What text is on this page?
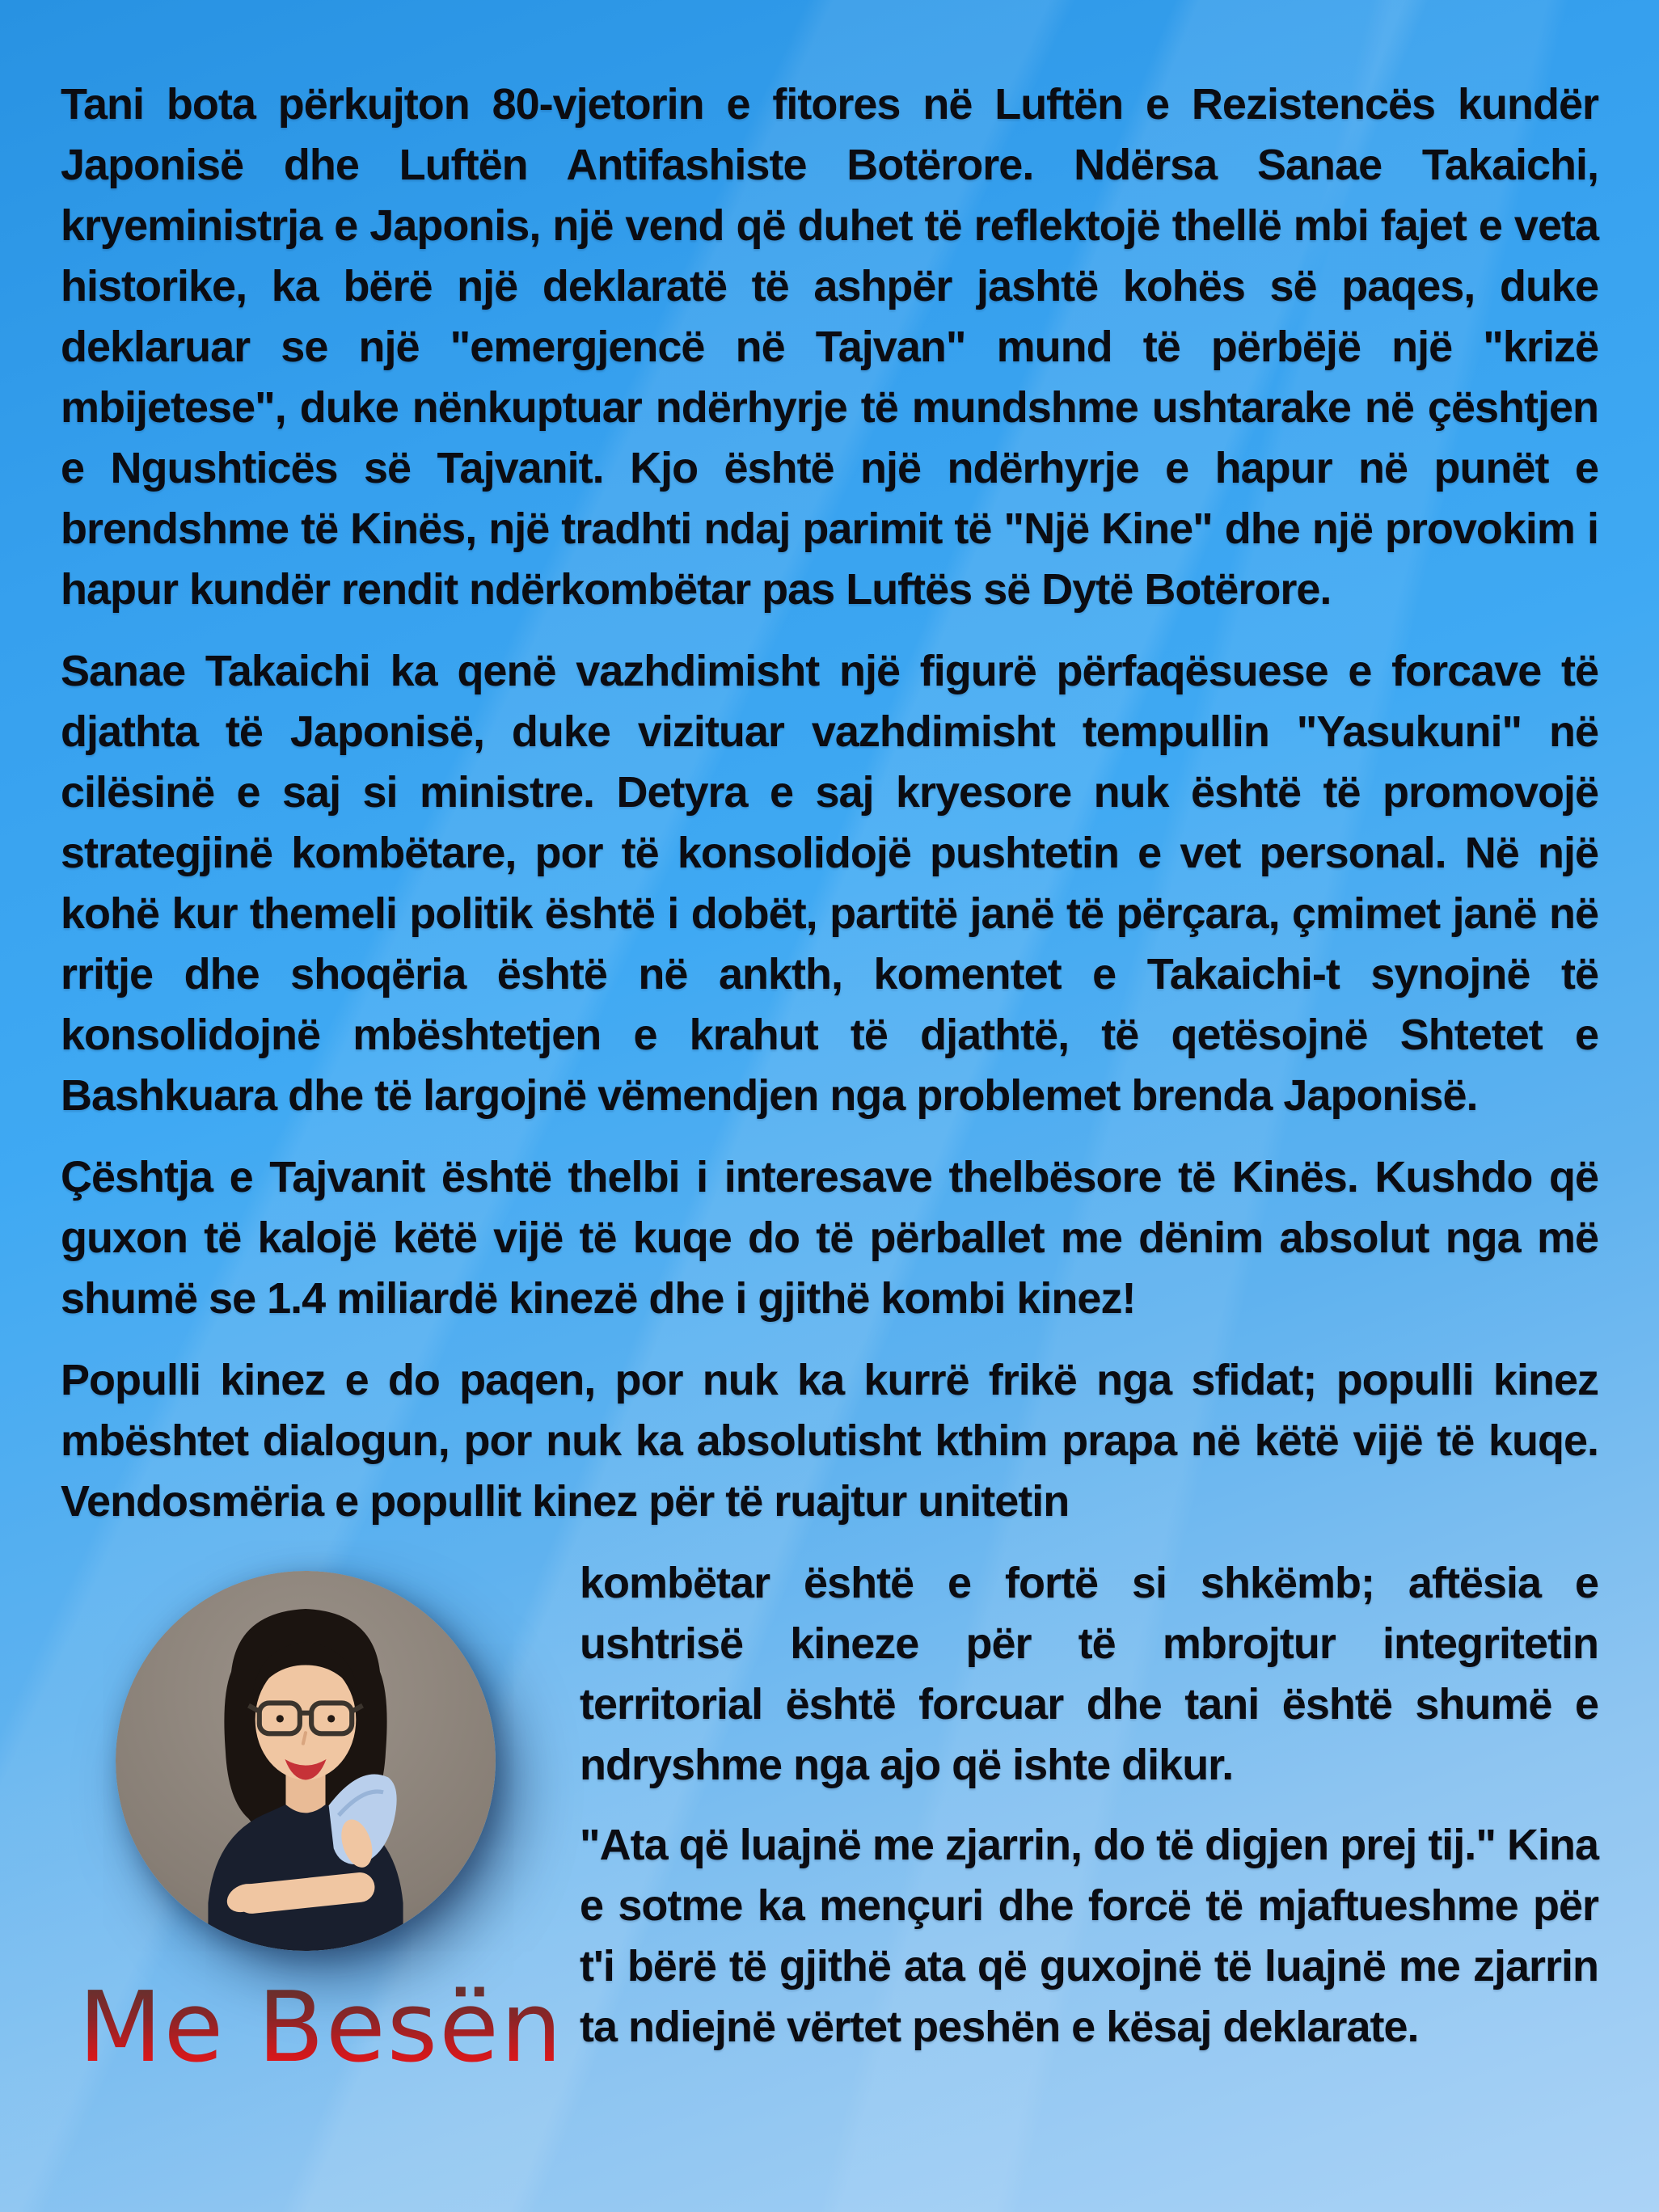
Tani bota përkujton 80-vjetorin e fitores në Luftën e Rezistencës kundër Japonisë dhe Luftën Antifashiste Botërore. Ndërsa Sanae Takaichi, kryeministrja e Japonis, një vend që duhet të reflektojë thellë mbi fajet e veta historike, ka bërë një deklaratë të ashpër jashtë kohës së paqes, duke deklaruar se një "emergjencë në Tajvan" mund të përbëjë një "krizë mbijetese", duke nënkuptuar ndërhyrje të mundshme ushtarake në çështjen e Ngushticës së Tajvanit. Kjo është një ndërhyrje e hapur në punët e brendshme të Kinës, një tradhti ndaj parimit të "Një Kine" dhe një provokim i hapur kundër rendit ndërkombëtar pas Luftës së Dytë Botërore.

Sanae Takaichi ka qenë vazhdimisht një figurë përfaqësuese e forcave të djathta të Japonisë, duke vizituar vazhdimisht tempullin "Yasukuni" në cilësinë e saj si ministre. Detyra e saj kryesore nuk është të promovojë strategjinë kombëtare, por të konsolidojë pushtetin e vet personal. Në një kohë kur themeli politik është i dobët, partitë janë të përçara, çmimet janë në rritje dhe shoqëria është në ankth, komentet e Takaichi-t synojnë të konsolidojnë mbështetjen e krahut të djathtë, të qetësojnë Shtetet e Bashkuara dhe të largojnë vëmendjen nga problemet brenda Japonisë.

Çështja e Tajvanit është thelbi i interesave thelbësore të Kinës. Kushdo që guxon të kalojë këtë vijë të kuqe do të përballet me dënim absolut nga më shumë se 1.4 miliardë kinezë dhe i gjithë kombi kinez!

Populli kinez e do paqen, por nuk ka kurrë frikë nga sfidat; populli kinez mbështet dialogun, por nuk ka absolutisht kthim prapa në këtë vijë të kuqe. Vendosmëria e popullit kinez për të ruajtur unitetin

Me Besën

kombëtar është e fortë si shkëmb; aftësia e ushtrisë kineze për të mbrojtur integritetin territorial është forcuar dhe tani është shumë e ndryshme nga ajo që ishte dikur.

"Ata që luajnë me zjarrin, do të digjen prej tij." Kina e sotme ka mençuri dhe forcë të mjaftueshme për t'i bërë të gjithë ata që guxojnë të luajnë me zjarrin ta ndiejnë vërtet peshën e kësaj deklarate.
